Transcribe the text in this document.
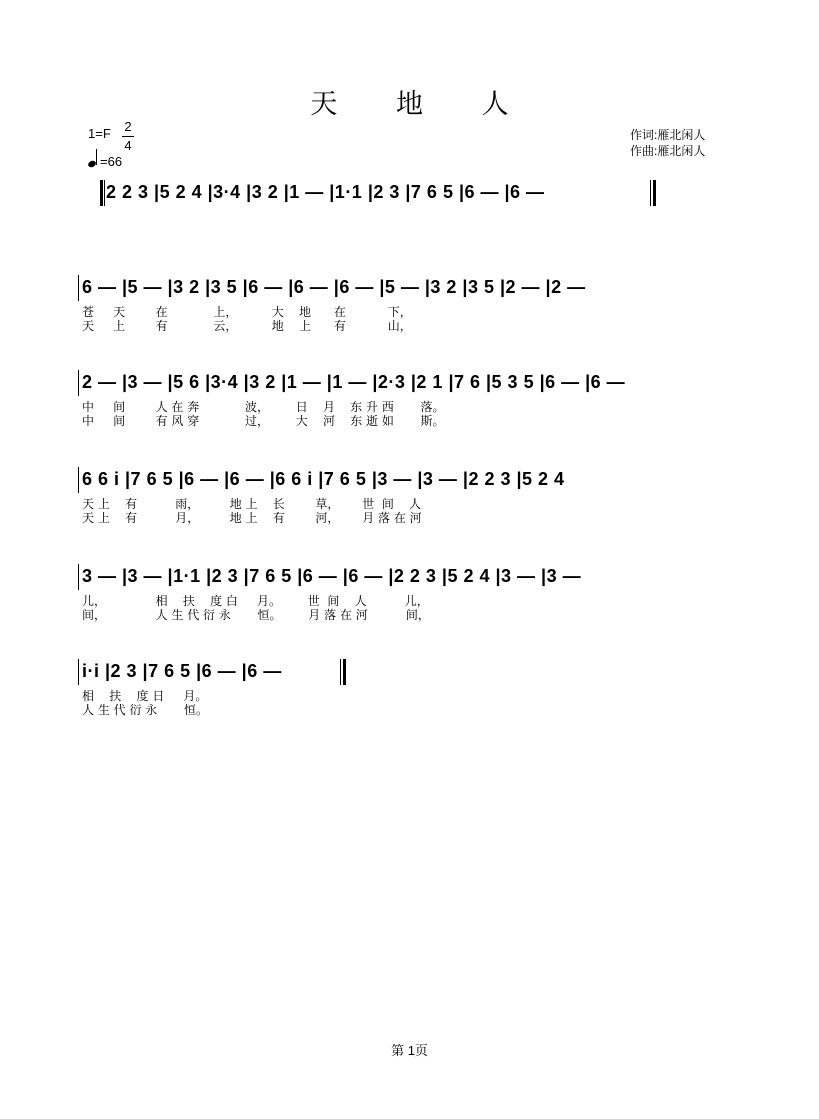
天 地 人
1=F 2
4
=66
作词:雁北闲人
作曲:雁北闲人
2 2 3 |5 2 4 |3·4 |3 2 |1 — |1·1 |2 3 |7 6 5 |6 — |6 —
6 — |5 — |3 2 |3 5 |6 — |6 — |6 — |5 — |3 2 |3 5 |2 — |2 —
苍     天        在            上，         大    地      在           下，
天     上        有            云，         地    上      有           山，
2 — |3 — |5 6 |3·4 |3 2 |1 — |1 — |2·3 |2 1 |7 6 |5 3 5 |6 — |6 —
中     间        人 在 奔            波，       日    月    东 升 西       落。
中     间        有 风 穿            过，       大    河    东 逝 如       斯。
6 6 i |7 6 5 |6 — |6 — |6 6 i |7 6 5 |3 — |3 — |2 2 3 |5 2 4
天 上    有          雨，        地 上    长        草，      世  间    人
天 上    有          月，        地 上    有        河，      月 落 在 河
3 — |3 — |1·1 |2 3 |7 6 5 |6 — |6 — |2 2 3 |5 2 4 |3 — |3 —
儿，             相    扶    度 白     月。       世  间    人          儿，
间，             人 生 代 衍 永       恒。       月 落 在 河          间，
i·i |2 3 |7 6 5 |6 — |6 —
相    扶    度 日     月。
人 生 代 衍 永       恒。
第 1页
